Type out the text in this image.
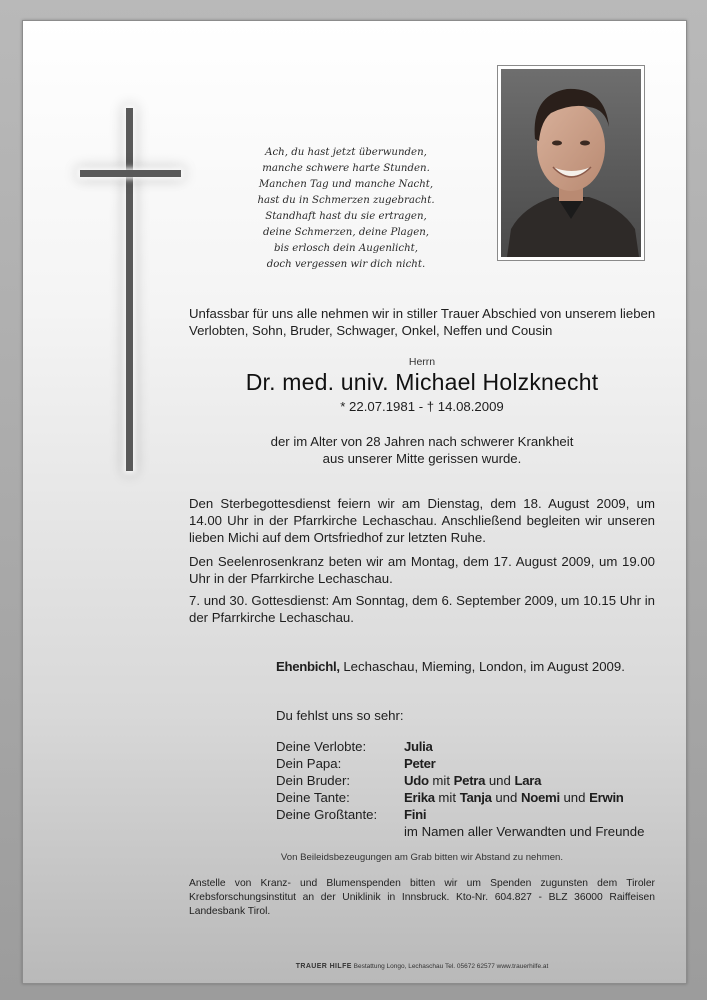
Ach, du hast jetzt überwunden,
manche schwere harte Stunden.
Manchen Tag und manche Nacht,
hast du in Schmerzen zugebracht.
Standhaft hast du sie ertragen,
deine Schmerzen, deine Plagen,
bis erlosch dein Augenlicht,
doch vergessen wir dich nicht.
Unfassbar für uns alle nehmen wir in stiller Trauer Abschied von unserem lieben
Verlobten, Sohn, Bruder, Schwager, Onkel, Neffen und Cousin
Herrn
Dr. med. univ. Michael Holzknecht
* 22.07.1981 - † 14.08.2009
der im Alter von 28 Jahren nach schwerer Krankheit
aus unserer Mitte gerissen wurde.
Den Sterbegottesdienst feiern wir am Dienstag, dem 18. August 2009, um 14.00 Uhr in der Pfarrkirche Lechaschau. Anschließend begleiten wir unseren lieben Michi auf dem Ortsfriedhof zur letzten Ruhe.
Den Seelenrosenkranz beten wir am Montag, dem 17. August 2009, um 19.00 Uhr in der Pfarrkirche Lechaschau.
7. und 30. Gottesdienst: Am Sonntag, dem 6. September 2009, um 10.15 Uhr in der Pfarrkirche Lechaschau.
Ehenbichl, Lechaschau, Mieming, London, im August 2009.
Du fehlst uns so sehr:
Deine Verlobte:	Julia
Dein Papa:	Peter
Dein Bruder:	Udo mit Petra und Lara
Deine Tante:	Erika mit Tanja und Noemi und Erwin
Deine Großtante: Fini
im Namen aller Verwandten und Freunde
Von Beileidsbezeugungen am Grab bitten wir Abstand zu nehmen.
Anstelle von Kranz- und Blumenspenden bitten wir um Spenden zugunsten dem Tiroler Krebsforschungsinstitut an der Uniklinik in Innsbruck. Kto-Nr. 604.827 - BLZ 36000 Raiffeisen Landesbank Tirol.
TRAUER HILFE Bestattung Longo, Lechaschau Tel. 05672 62577 www.trauerhilfe.at
